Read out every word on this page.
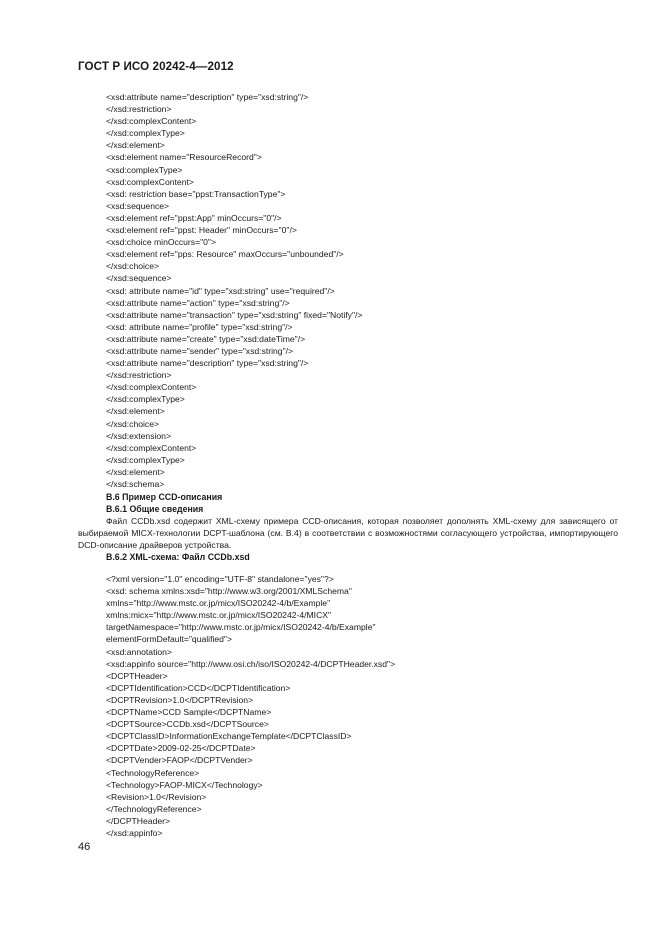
ГОСТ Р ИСО 20242-4—2012
<xsd:attribute name="description" type="xsd:string"/>
</xsd:restriction>
</xsd:complexContent>
</xsd:complexType>
</xsd:element>
<xsd:element name="ResourceRecord">
<xsd:complexType>
<xsd:complexContent>
<xsd: restriction base="ppst:TransactionType">
<xsd:sequence>
<xsd:element ref="ppst:App" minOccurs="0"/>
<xsd:element ref="ppst: Header" minOccurs="0"/>
<xsd:choice minOccurs="0">
<xsd:element ref="pps: Resource" maxOccurs="unbounded"/>
</xsd:choice>
</xsd:sequence>
<xsd: attribute name="id" type="xsd:string" use="required"/>
<xsd:attribute name="action" type="xsd:string"/>
<xsd:attribute name="transaction" type="xsd:string" fixed="Notify"/>
<xsd: attribute name="profile" type="xsd:string"/>
<xsd:attribute name="create" type="xsd:dateTime"/>
<xsd:attribute name="sender" type="xsd:string"/>
<xsd:attribute name="description" type="xsd:string"/>
</xsd:restriction>
</xsd:complexContent>
</xsd:complexType>
</xsd:element>
</xsd:choice>
</xsd:extension>
</xsd:complexContent>
</xsd:complexType>
</xsd:element>
</xsd:schema>
B.6 Пример CCD-описания
B.6.1 Общие сведения
Файл CCDb.xsd содержит XML-схему примера CCD-описания, которая позволяет дополнять XML-схему для зависящего от выбираемой MICX-технологии DCPT-шаблона (см. B.4) в соответствии с возможностями согласующего устройства, импортирующего DCD-описание драйверов устройства.
B.6.2 XML-схема: Файл CCDb.xsd
<?xml version="1.0" encoding="UTF-8" standalone="yes"?>
<xsd: schema xmlns:xsd="http://www.w3.org/2001/XMLSchema"
xmlns="http://www.mstc.or.jp/micx/ISO20242-4/b/Example"
xmlns:micx="http://www.mstc.or.jp/micx/ISO20242-4/MICX"
targetNamespace="http://www.mstc.or.jp/micx/ISO20242-4/b/Example"
elementFormDefault="qualified">
<xsd:annotation>
<xsd:appinfo source="http://www.osi.ch/iso/ISO20242-4/DCPTHeader.xsd">
<DCPTHeader>
<DCPTIdentification>CCD</DCPTIdentification>
<DCPTRevision>1.0</DCPTRevision>
<DCPTName>CCD Sample</DCPTName>
<DCPTSource>CCDb.xsd</DCPTSource>
<DCPTClassID>InformationExchangeTemplate</DCPTClassID>
<DCPTDate>2009-02-25</DCPTDate>
<DCPTVender>FAOP</DCPTVender>
<TechnologyReference>
<Technology>FAOP-MICX</Technology>
<Revision>1.0</Revision>
</TechnologyReference>
</DCPTHeader>
</xsd:appinfo>
46
